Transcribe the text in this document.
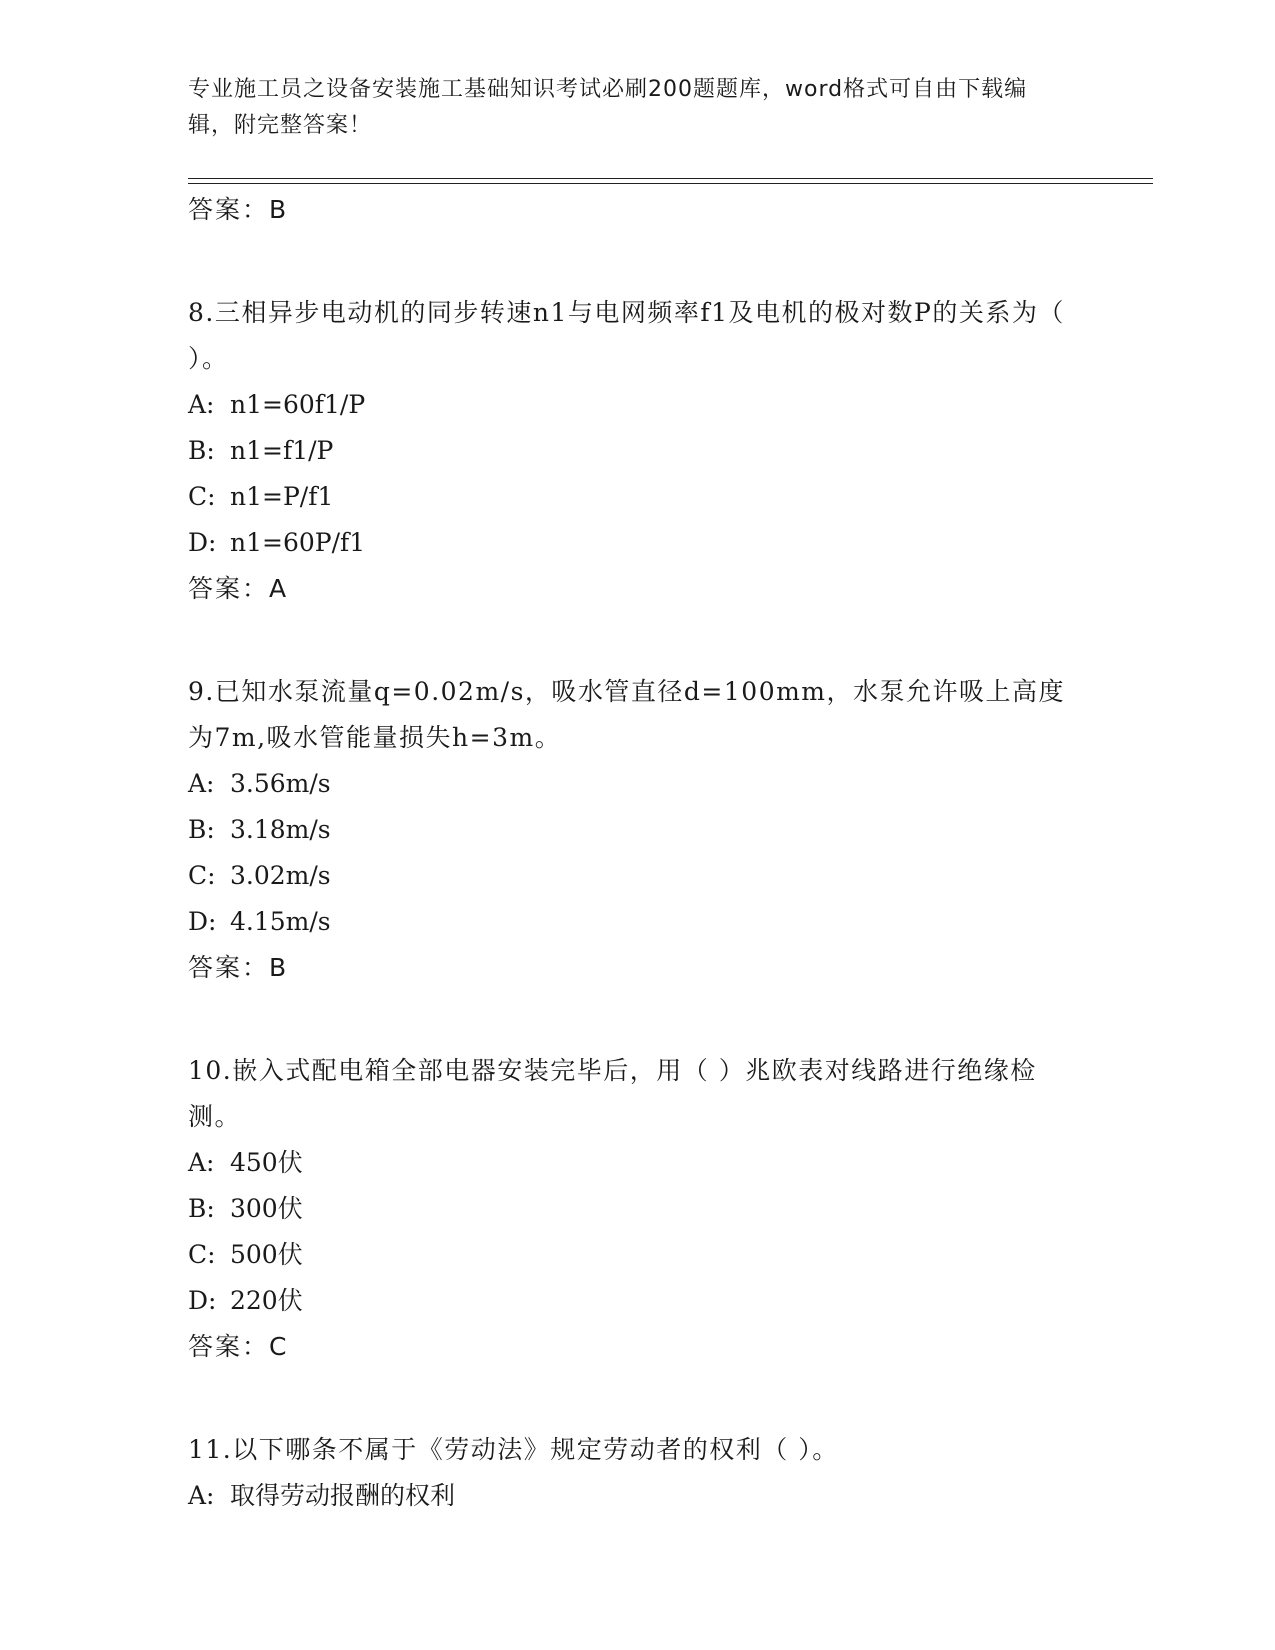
专业施工员之设备安装施工基础知识考试必刷200题题库，word格式可自由下载编辑，附完整答案！
答案：B
8.三相异步电动机的同步转速n1与电网频率f1及电机的极对数P的关系为（ ）。
A: n1=60f1/P
B: n1=f1/P
C: n1=P/f1
D: n1=60P/f1
答案：A
9.已知水泵流量q=0.02m/s，吸水管直径d=100mm，水泵允许吸上高度为7m,吸水管能量损失h=3m。
A: 3.56m/s
B: 3.18m/s
C: 3.02m/s
D: 4.15m/s
答案：B
10.嵌入式配电箱全部电器安装完毕后，用（ ）兆欧表对线路进行绝缘检测。
A: 450伏
B: 300伏
C: 500伏
D: 220伏
答案：C
11.以下哪条不属于《劳动法》规定劳动者的权利（ ）。
A: 取得劳动报酬的权利
